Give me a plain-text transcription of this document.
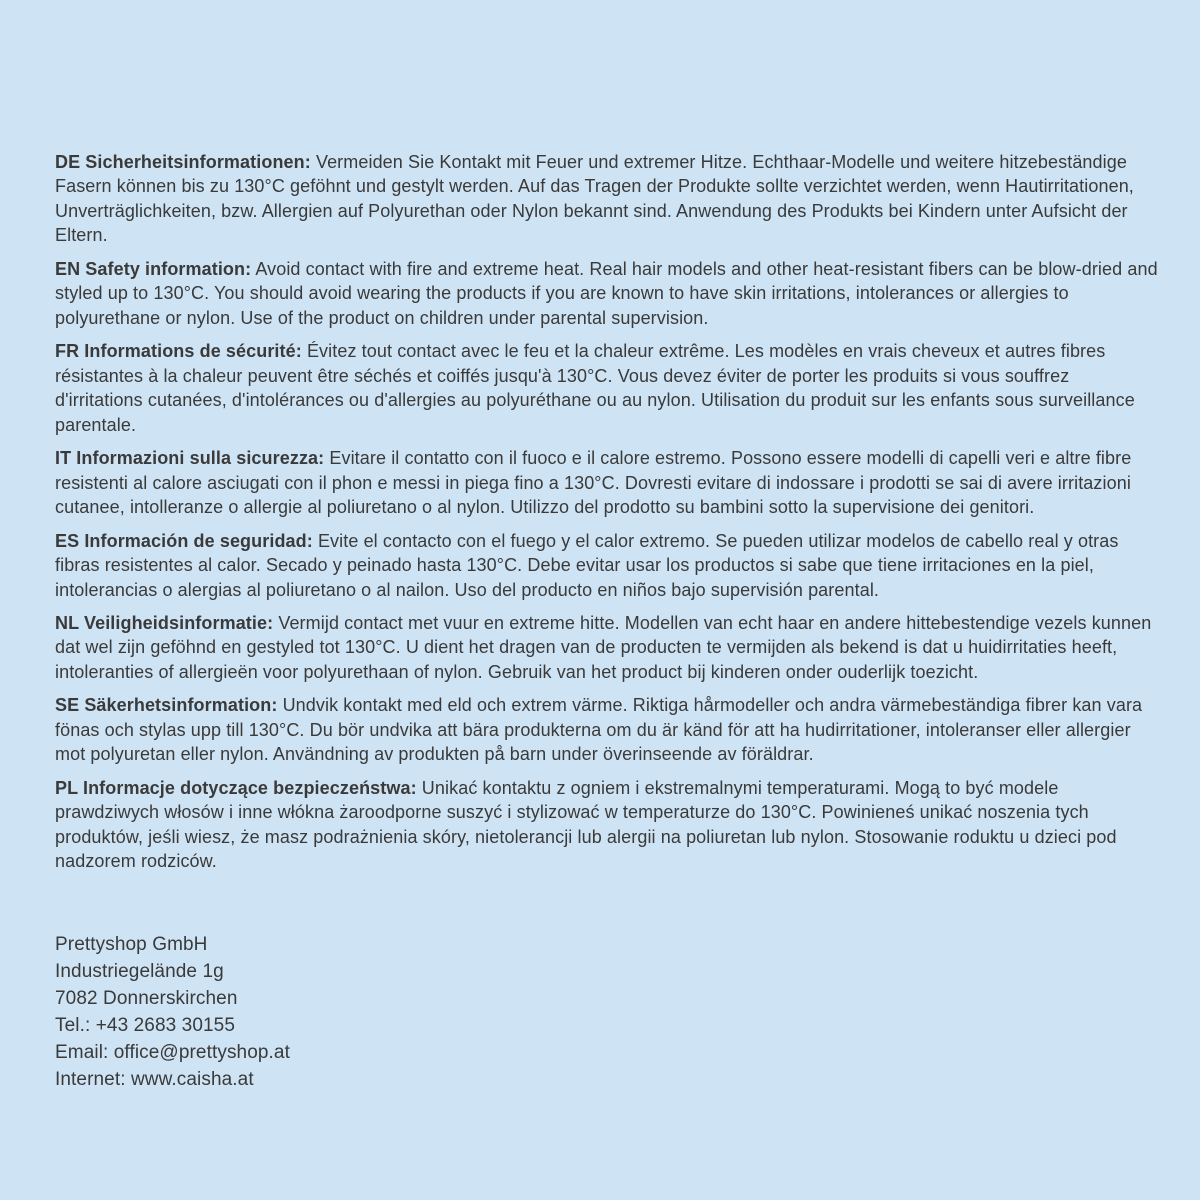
DE Sicherheitsinformationen: Vermeiden Sie Kontakt mit Feuer und extremer Hitze. Echthaar-Modelle und weitere hitzebeständige Fasern können bis zu 130°C geföhnt und gestylt werden. Auf das Tragen der Produkte sollte verzichtet werden, wenn Hautirritationen, Unverträglichkeiten, bzw. Allergien auf Polyurethan oder Nylon bekannt sind. Anwendung des Produkts bei Kindern unter Aufsicht der Eltern.

EN Safety information: Avoid contact with fire and extreme heat. Real hair models and other heat-resistant fibers can be blow-dried and styled up to 130°C. You should avoid wearing the products if you are known to have skin irritations, intolerances or allergies to polyurethane or nylon. Use of the product on children under parental supervision.

FR Informations de sécurité: Évitez tout contact avec le feu et la chaleur extrême. Les modèles en vrais cheveux et autres fibres résistantes à la chaleur peuvent être séchés et coiffés jusqu'à 130°C. Vous devez éviter de porter les produits si vous souffrez d'irritations cutanées, d'intolérances ou d'allergies au polyuréthane ou au nylon. Utilisation du produit sur les enfants sous surveillance parentale.

IT Informazioni sulla sicurezza: Evitare il contatto con il fuoco e il calore estremo. Possono essere modelli di capelli veri e altre fibre resistenti al calore asciugati con il phon e messi in piega fino a 130°C. Dovresti evitare di indossare i prodotti se sai di avere irritazioni cutanee, intolleranze o allergie al poliuretano o al nylon. Utilizzo del prodotto su bambini sotto la supervisione dei genitori.

ES Información de seguridad: Evite el contacto con el fuego y el calor extremo. Se pueden utilizar modelos de cabello real y otras fibras resistentes al calor. Secado y peinado hasta 130°C. Debe evitar usar los productos si sabe que tiene irritaciones en la piel, intolerancias o alergias al poliuretano o al nailon. Uso del producto en niños bajo supervisión parental.

NL Veiligheidsinformatie: Vermijd contact met vuur en extreme hitte. Modellen van echt haar en andere hittebestendige vezels kunnen dat wel zijn geföhnd en gestyled tot 130°C. U dient het dragen van de producten te vermijden als bekend is dat u huidirritaties heeft, intoleranties of allergieën voor polyurethaan of nylon. Gebruik van het product bij kinderen onder ouderlijk toezicht.

SE Säkerhetsinformation: Undvik kontakt med eld och extrem värme. Riktiga hårmodeller och andra värmebeständiga fibrer kan vara fönas och stylas upp till 130°C. Du bör undvika att bära produkterna om du är känd för att ha hudirritationer, intoleranser eller allergier mot polyuretan eller nylon. Användning av produkten på barn under överinseende av föräldrar.

PL Informacje dotyczące bezpieczeństwa: Unikać kontaktu z ogniem i ekstremalnymi temperaturami. Mogą to być modele prawdziwych włosów i inne włókna żaroodporne suszyć i stylizować w temperaturze do 130°C. Powinieneś unikać noszenia tych produktów, jeśli wiesz, że masz podrażnienia skóry, nietolerancji lub alergii na poliuretan lub nylon. Stosowanie roduktu u dzieci pod nadzorem rodziców.

Prettyshop GmbH
Industriegelände 1g
7082 Donnerskirchen
Tel.: +43 2683 30155
Email: office@prettyshop.at
Internet: www.caisha.at
